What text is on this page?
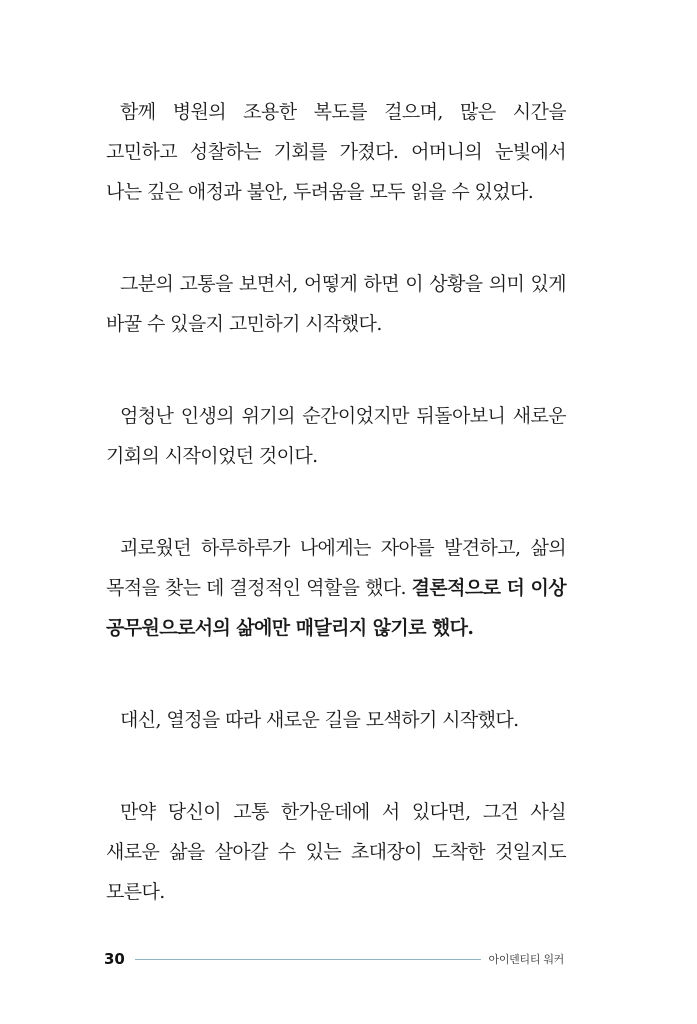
함께 병원의 조용한 복도를 걸으며, 많은 시간을 고민하고 성찰하는 기회를 가졌다. 어머니의 눈빛에서 나는 깊은 애정과 불안, 두려움을 모두 읽을 수 있었다.

그분의 고통을 보면서, 어떻게 하면 이 상황을 의미 있게 바꿀 수 있을지 고민하기 시작했다.

엄청난 인생의 위기의 순간이었지만 뒤돌아보니 새로운 기회의 시작이었던 것이다.

괴로웠던 하루하루가 나에게는 자아를 발견하고, 삶의 목적을 찾는 데 결정적인 역할을 했다. 결론적으로 더 이상 공무원으로서의 삶에만 매달리지 않기로 했다.

대신, 열정을 따라 새로운 길을 모색하기 시작했다.

만약 당신이 고통 한가운데에 서 있다면, 그건 사실 새로운 삶을 살아갈 수 있는 초대장이 도착한 것일지도 모른다.

30	아이덴티티 워커
